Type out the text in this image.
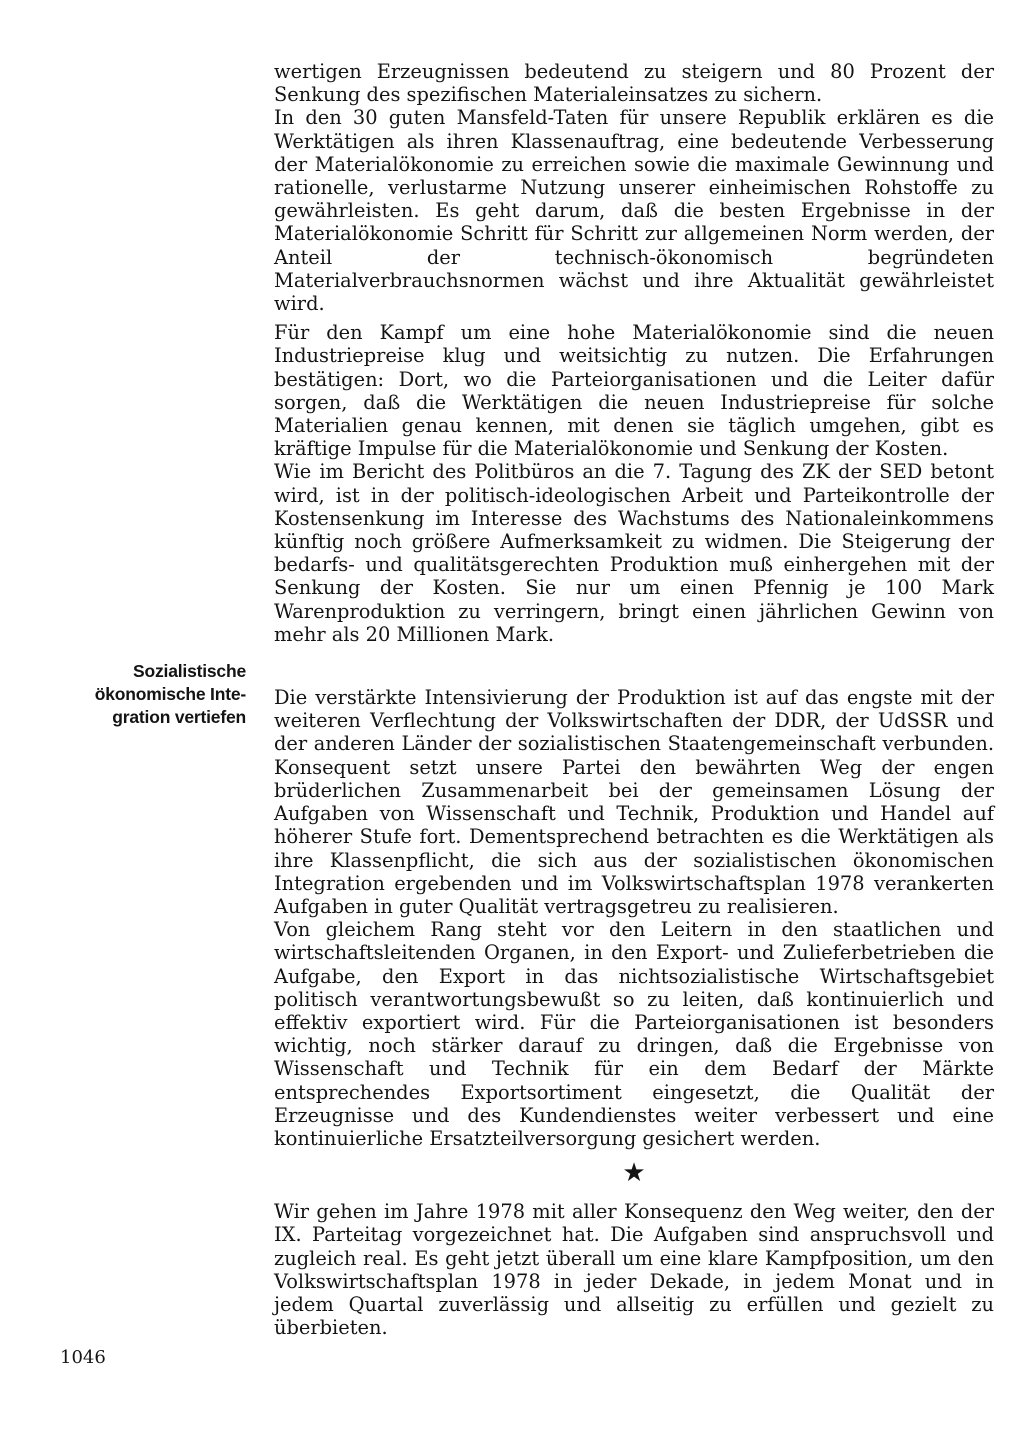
wertigen Erzeugnissen bedeutend zu steigern und 80 Prozent der Senkung des spezifischen Materialeinsatzes zu sichern.

In den 30 guten Mansfeld-Taten für unsere Republik erklären es die Werktätigen als ihren Klassenauftrag, eine bedeutende Verbesserung der Materialökonomie zu erreichen sowie die maximale Gewinnung und rationelle, verlustarme Nutzung unserer einheimischen Rohstoffe zu gewährleisten. Es geht darum, daß die besten Ergebnisse in der Materialökonomie Schritt für Schritt zur allgemeinen Norm werden, der Anteil der technisch-ökonomisch begründeten Materialverbrauchsnormen wächst und ihre Aktualität gewährleistet wird.

Für den Kampf um eine hohe Materialökonomie sind die neuen Industriepreise klug und weitsichtig zu nutzen. Die Erfahrungen bestätigen: Dort, wo die Parteiorganisationen und die Leiter dafür sorgen, daß die Werktätigen die neuen Industriepreise für solche Materialien genau kennen, mit denen sie täglich umgehen, gibt es kräftige Impulse für die Materialökonomie und Senkung der Kosten.

Wie im Bericht des Politbüros an die 7. Tagung des ZK der SED betont wird, ist in der politisch-ideologischen Arbeit und Parteikontrolle der Kostensenkung im Interesse des Wachstums des Nationaleinkommens künftig noch größere Aufmerksamkeit zu widmen. Die Steigerung der bedarfs- und qualitätsgerechten Produktion muß einhergehen mit der Senkung der Kosten. Sie nur um einen Pfennig je 100 Mark Warenproduktion zu verringern, bringt einen jährlichen Gewinn von mehr als 20 Millionen Mark.

Die verstärkte Intensivierung der Produktion ist auf das engste mit der weiteren Verflechtung der Volkswirtschaften der DDR, der UdSSR und der anderen Länder der sozialistischen Staatengemeinschaft verbunden. Konsequent setzt unsere Partei den bewährten Weg der engen brüderlichen Zusammenarbeit bei der gemeinsamen Lösung der Aufgaben von Wissenschaft und Technik, Produktion und Handel auf höherer Stufe fort. Dementsprechend betrachten es die Werktätigen als ihre Klassenpflicht, die sich aus der sozialistischen ökonomischen Integration ergebenden und im Volkswirtschaftsplan 1978 verankerten Aufgaben in guter Qualität vertragsgetreu zu realisieren.

Von gleichem Rang steht vor den Leitern in den staatlichen und wirtschaftsleitenden Organen, in den Export- und Zulieferbetrieben die Aufgabe, den Export in das nichtsozialistische Wirtschaftsgebiet politisch verantwortungsbewußt so zu leiten, daß kontinuierlich und effektiv exportiert wird. Für die Parteiorganisationen ist besonders wichtig, noch stärker darauf zu dringen, daß die Ergebnisse von Wissenschaft und Technik für ein dem Bedarf der Märkte entsprechendes Exportsortiment eingesetzt, die Qualität der Erzeugnisse und des Kundendienstes weiter verbessert und eine kontinuierliche Ersatzteilversorgung gesichert werden.

★

Wir gehen im Jahre 1978 mit aller Konsequenz den Weg weiter, den der IX. Parteitag vorgezeichnet hat. Die Aufgaben sind anspruchsvoll und zugleich real. Es geht jetzt überall um eine klare Kampfposition, um den Volkswirtschaftsplan 1978 in jeder Dekade, in jedem Monat und in jedem Quartal zuverlässig und allseitig zu erfüllen und gezielt zu überbieten.

Sozialistische
ökonomische Inte-
gration vertiefen
1046
